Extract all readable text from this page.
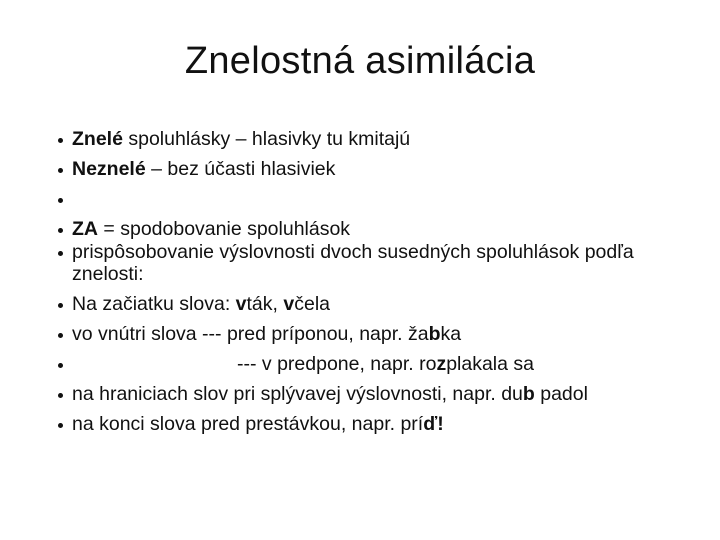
Znelostná asimilácia
Znelé spoluhlásky – hlasivky tu kmitajú
Neznelé – bez účasti hlasiviek
ZA = spodobovanie spoluhlások
prispôsobovanie výslovnosti dvoch susedných spoluhlások podľa znelosti:
Na začiatku slova: vták, včela
vo vnútri slova --- pred príponou, napr. žabka
--- v predpone, napr. rozplakala sa
na hraniciach slov pri splývavej výslovnosti, napr. dub padol
na konci slova pred prestávkou, napr. príď!
